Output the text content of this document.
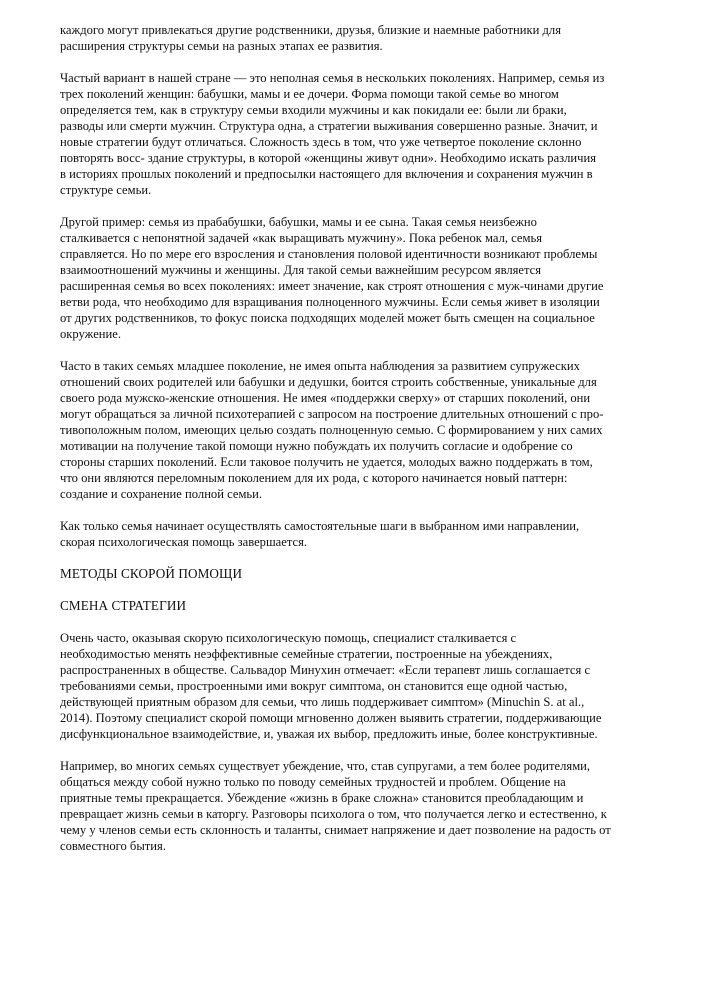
каждого могут привлекаться другие родственники, друзья, близкие и наемные работники для
расширения структуры семьи на разных этапах ее развития.

Частый вариант в нашей стране — это неполная семья в нескольких поколениях. Например, семья из
трех поколений женщин: бабушки, мамы и ее дочери. Форма помощи такой семье во многом
определяется тем, как в структуру семьи входили мужчины и как покидали ее: были ли браки,
разводы или смерти мужчин. Структура одна, а стратегии выживания совершенно разные. Значит, и
новые стратегии будут отличаться. Сложность здесь в том, что уже четвертое поколение склонно
повторять восс- здание структуры, в которой «женщины живут одни». Необходимо искать различия
в историях прошлых поколений и предпосылки настоящего для включения и сохранения мужчин в
структуре семьи.

Другой пример: семья из прабабушки, бабушки, мамы и ее сына. Такая семья неизбежно
сталкивается с непонятной задачей «как выращивать мужчину». Пока ребенок мал, семья
справляется. Но по мере его взросления и становления половой идентичности возникают проблемы
взаимоотношений мужчины и женщины. Для такой семьи важнейшим ресурсом является
расширенная семья во всех поколениях: имеет значение, как строят отношения с муж-чинами другие
ветви рода, что необходимо для взращивания полноценного мужчины. Если семья живет в изоляции
от других родственников, то фокус поиска подходящих моделей может быть смещен на социальное
окружение.

Часто в таких семьях младшее поколение, не имея опыта наблюдения за развитием супружеских
отношений своих родителей или бабушки и дедушки, боится строить собственные, уникальные для
своего рода мужско-женские отношения. Не имея «поддержки сверху» от старших поколений, они
могут обращаться за личной психотерапией с запросом на построение длительных отношений с про-
тивоположным полом, имеющих целью создать полноценную семью. С формированием у них самих
мотивации на получение такой помощи нужно побуждать их получить согласие и одобрение со
стороны старших поколений. Если таковое получить не удается, молодых важно поддержать в том,
что они являются переломным поколением для их рода, с которого начинается новый паттерн:
создание и сохранение полной семьи.

Как только семья начинает осуществлять самостоятельные шаги в выбранном ими направлении,
скорая психологическая помощь завершается.

МЕТОДЫ СКОРОЙ ПОМОЩИ
СМЕНА СТРАТЕГИИ

Очень часто, оказывая скорую психологическую помощь, специалист сталкивается с
необходимостью менять неэффективные семейные стратегии, построенные на убеждениях,
распространенных в обществе. Сальвадор Минухин отмечает: «Если терапевт лишь соглашается с
требованиями семьи, простроенными ими вокруг симптома, он становится еще одной частью,
действующей приятным образом для семьи, что лишь поддерживает симптом» (Minuchin S. at al.,
2014). Поэтому специалист скорой помощи мгновенно должен выявить стратегии, поддерживающие
дисфункциональное взаимодействие, и, уважая их выбор, предложить иные, более конструктивные.

Например, во многих семьях существует убеждение, что, став супругами, а тем более родителями,
общаться между собой нужно только по поводу семейных трудностей и проблем. Общение на
приятные темы прекращается. Убеждение «жизнь в браке сложна» становится преобладающим и
превращает жизнь семьи в каторгу. Разговоры психолога о том, что получается легко и естественно, к
чему у членов семьи есть склонность и таланты, снимает напряжение и дает позволение на радость от
совместного бытия.
